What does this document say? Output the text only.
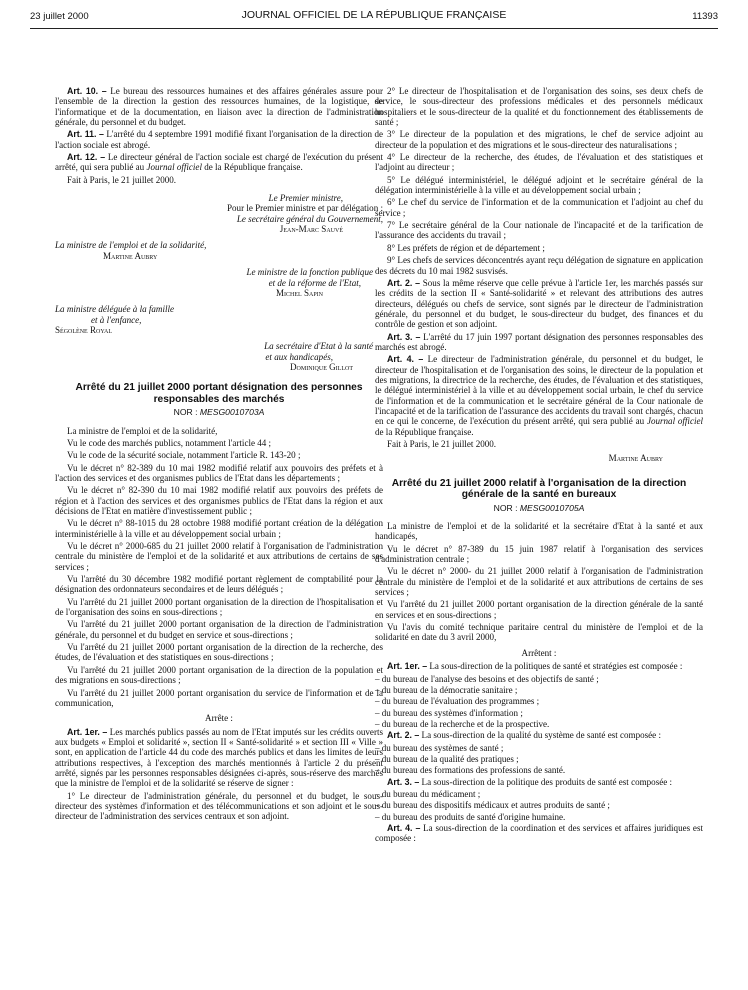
23 juillet 2000	JOURNAL OFFICIEL DE LA RÉPUBLIQUE FRANÇAISE	11393

Art. 10. – Le bureau des ressources humaines et des affaires générales assure pour l'ensemble de la direction la gestion des ressources humaines, de la logistique, de l'informatique et de la documentation, en liaison avec la direction de l'administration générale, du personnel et du budget.

Art. 11. – L'arrêté du 4 septembre 1991 modifié fixant l'organisation de la direction de l'action sociale est abrogé.

Art. 12. – Le directeur général de l'action sociale est chargé de l'exécution du présent arrêté, qui sera publié au Journal officiel de la République française.

Fait à Paris, le 21 juillet 2000.

Le Premier ministre,

Pour le Premier ministre et par délégation :

Le secrétaire général du Gouvernement,

Jean-Marc Sauvé

La ministre de l'emploi et de la solidarité,

Martine Aubry

Le ministre de la fonction publique

et de la réforme de l'Etat,

Michel Sapin

La ministre déléguée à la famille

et à l'enfance,

Ségolène Royal

La secrétaire d'Etat à la santé

et aux handicapés,

Dominique Gillot

Arrêté du 21 juillet 2000 portant désignation des personnes responsables des marchés

NOR : MESG0010703A

La ministre de l'emploi et de la solidarité,

Vu le code des marchés publics, notamment l'article 44 ;

Vu le code de la sécurité sociale, notamment l'article R. 143-20 ;

Vu le décret n° 82-389 du 10 mai 1982 modifié relatif aux pouvoirs des préfets et à l'action des services et des organismes publics de l'Etat dans les départements ;

Vu le décret n° 82-390 du 10 mai 1982 modifié relatif aux pouvoirs des préfets de région et à l'action des services et des organismes publics de l'Etat dans la région et aux décisions de l'Etat en matière d'investissement public ;

Vu le décret n° 88-1015 du 28 octobre 1988 modifié portant création de la délégation interministérielle à la ville et au développement social urbain ;

Vu le décret n° 2000-685 du 21 juillet 2000 relatif à l'organisation de l'administration centrale du ministère de l'emploi et de la solidarité et aux attributions de certains de ses services ;

Vu l'arrêté du 30 décembre 1982 modifié portant règlement de comptabilité pour la désignation des ordonnateurs secondaires et de leurs délégués ;

Vu l'arrêté du 21 juillet 2000 portant organisation de la direction de l'hospitalisation et de l'organisation des soins en sous-directions ;

Vu l'arrêté du 21 juillet 2000 portant organisation de la direction de l'administration générale, du personnel et du budget en service et sous-directions ;

Vu l'arrêté du 21 juillet 2000 portant organisation de la direction de la recherche, des études, de l'évaluation et des statistiques en sous-directions ;

Vu l'arrêté du 21 juillet 2000 portant organisation de la direction de la population et des migrations en sous-directions ;

Vu l'arrêté du 21 juillet 2000 portant organisation du service de l'information et de la communication,

Arrête :

Art. 1er. – Les marchés publics passés au nom de l'Etat imputés sur les crédits ouverts aux budgets « Emploi et solidarité », section II « Santé-solidarité » et section III « Ville » sont, en application de l'article 44 du code des marchés publics et dans les limites de leurs attributions respectives, à l'exception des marchés mentionnés à l'article 2 du présent arrêté, signés par les personnes responsables désignées ci-après, sous-réserve des marchés que la ministre de l'emploi et de la solidarité se réserve de signer :

1° Le directeur de l'administration générale, du personnel et du budget, le sous-directeur des systèmes d'information et des télécommunications et son adjoint et le sous-directeur de l'administration des services centraux et son adjoint.

2° Le directeur de l'hospitalisation et de l'organisation des soins, ses deux chefs de service, le sous-directeur des professions médicales et des personnels médicaux hospitaliers et le sous-directeur de la qualité et du fonctionnement des établissements de santé ;

3° Le directeur de la population et des migrations, le chef de service adjoint au directeur de la population et des migrations et le sous-directeur des naturalisations ;

4° Le directeur de la recherche, des études, de l'évaluation et des statistiques et l'adjoint au directeur ;

5° Le délégué interministériel, le délégué adjoint et le secrétaire général de la délégation interministérielle à la ville et au développement social urbain ;

6° Le chef du service de l'information et de la communication et l'adjoint au chef du service ;

7° Le secrétaire général de la Cour nationale de l'incapacité et de la tarification de l'assurance des accidents du travail ;

8° Les préfets de région et de département ;

9° Les chefs de services déconcentrés ayant reçu délégation de signature en application des décrets du 10 mai 1982 susvisés.

Art. 2. – Sous la même réserve que celle prévue à l'article 1er, les marchés passés sur les crédits de la section II « Santé-solidarité » et relevant des attributions des autres directeurs, délégués ou chefs de service, sont signés par le directeur de l'administration générale, du personnel et du budget, le sous-directeur du budget, des finances et du contrôle de gestion et son adjoint.

Art. 3. – L'arrêté du 17 juin 1997 portant désignation des personnes responsables des marchés est abrogé.

Art. 4. – Le directeur de l'administration générale, du personnel et du budget, le directeur de l'hospitalisation et de l'organisation des soins, le directeur de la population et des migrations, la directrice de la recherche, des études, de l'évaluation et des statistiques, le délégué interministériel à la ville et au développement social urbain, le chef du service de l'information et de la communication et le secrétaire général de la Cour nationale de l'incapacité et de la tarification de l'assurance des accidents du travail sont chargés, chacun en ce qui le concerne, de l'exécution du présent arrêté, qui sera publié au Journal officiel de la République française.

Fait à Paris, le 21 juillet 2000.

Martine Aubry

Arrêté du 21 juillet 2000 relatif à l'organisation de la direction générale de la santé en bureaux

NOR : MESG0010705A

La ministre de l'emploi et de la solidarité et la secrétaire d'Etat à la santé et aux handicapés,

Vu le décret n° 87-389 du 15 juin 1987 relatif à l'organisation des services d'administration centrale ;

Vu le décret n° 2000- du 21 juillet 2000 relatif à l'organisation de l'administration centrale du ministère de l'emploi et de la solidarité et aux attributions de certains de ses services ;

Vu l'arrêté du 21 juillet 2000 portant organisation de la direction générale de la santé en services et en sous-directions ;

Vu l'avis du comité technique paritaire central du ministère de l'emploi et de la solidarité en date du 3 avril 2000,

Arrêtent :

Art. 1er. – La sous-direction de la politiques de santé et stratégies est composée :

– du bureau de l'analyse des besoins et des objectifs de santé ;

– du bureau de la démocratie sanitaire ;

– du bureau de l'évaluation des programmes ;

– du bureau des systèmes d'information ;

– du bureau de la recherche et de la prospective.

Art. 2. – La sous-direction de la qualité du système de santé est composée :

– du bureau des systèmes de santé ;

– du bureau de la qualité des pratiques ;

– du bureau des formations des professions de santé.

Art. 3. – La sous-direction de la politique des produits de santé est composée :

– du bureau du médicament ;

– du bureau des dispositifs médicaux et autres produits de santé ;

– du bureau des produits de santé d'origine humaine.

Art. 4. – La sous-direction de la coordination et des services et affaires juridiques est composée :
